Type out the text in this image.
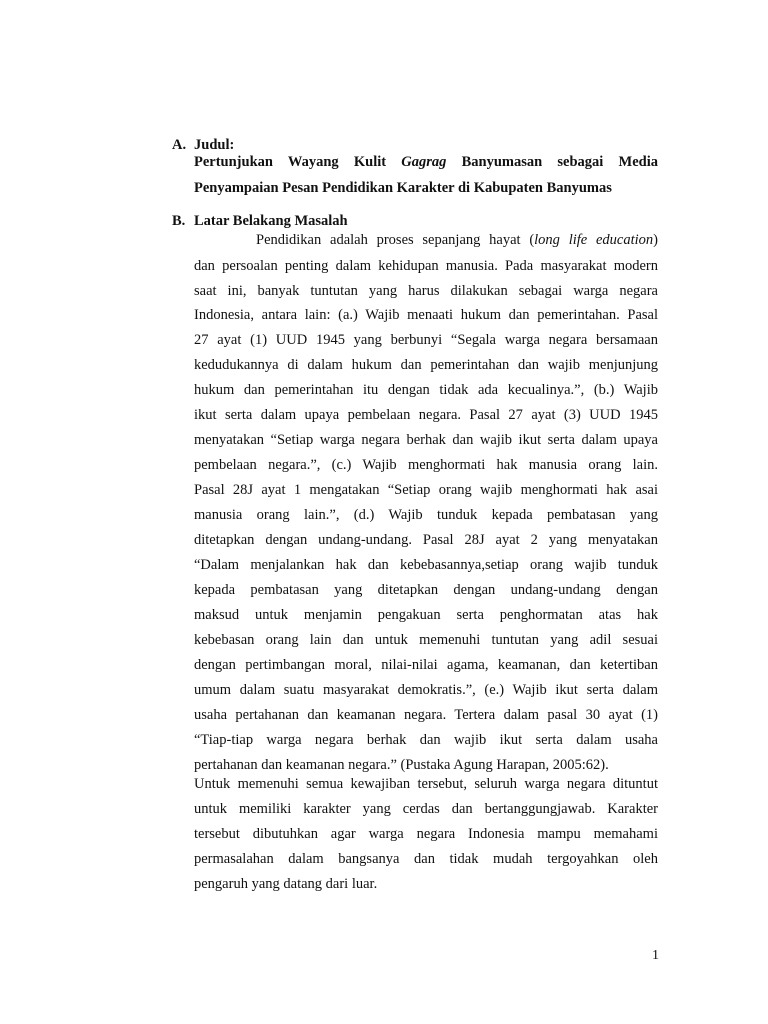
A. Judul:
Pertunjukan Wayang Kulit Gagrag Banyumasan sebagai Media
Penyampaian Pesan Pendidikan Karakter di Kabupaten Banyumas
B. Latar Belakang Masalah
Pendidikan adalah proses sepanjang hayat (long life education)
dan persoalan penting dalam kehidupan manusia. Pada masyarakat modern
saat ini, banyak tuntutan yang harus dilakukan sebagai warga negara
Indonesia, antara lain: (a.) Wajib menaati hukum dan pemerintahan. Pasal
27 ayat (1) UUD 1945 yang berbunyi “Segala warga negara bersamaan
kedudukannya di dalam hukum dan pemerintahan dan wajib menjunjung
hukum dan pemerintahan itu dengan tidak ada kecualinya.”, (b.) Wajib
ikut serta dalam upaya pembelaan negara. Pasal 27 ayat (3) UUD 1945
menyatakan “Setiap warga negara berhak dan wajib ikut serta dalam upaya
pembelaan negara.”, (c.) Wajib menghormati hak manusia orang lain.
Pasal 28J ayat 1 mengatakan “Setiap orang wajib menghormati hak asai
manusia orang lain.”, (d.) Wajib tunduk kepada pembatasan yang
ditetapkan dengan undang-undang. Pasal 28J ayat 2 yang menyatakan
“Dalam menjalankan hak dan kebebasannya,setiap orang wajib tunduk
kepada pembatasan yang ditetapkan dengan undang-undang dengan
maksud untuk menjamin pengakuan serta penghormatan atas hak
kebebasan orang lain dan untuk memenuhi tuntutan yang adil sesuai
dengan pertimbangan moral, nilai-nilai agama, keamanan, dan ketertiban
umum dalam suatu masyarakat demokratis.”, (e.) Wajib ikut serta dalam
usaha pertahanan dan keamanan negara. Tertera dalam pasal 30 ayat (1)
“Tiap-tiap warga negara berhak dan wajib ikut serta dalam usaha
pertahanan dan keamanan negara.” (Pustaka Agung Harapan, 2005:62).
Untuk memenuhi semua kewajiban tersebut, seluruh warga negara dituntut
untuk memiliki karakter yang cerdas dan bertanggungjawab. Karakter
tersebut dibutuhkan agar warga negara Indonesia mampu memahami
permasalahan dalam bangsanya dan tidak mudah tergoyahkan oleh
pengaruh yang datang dari luar.
1
